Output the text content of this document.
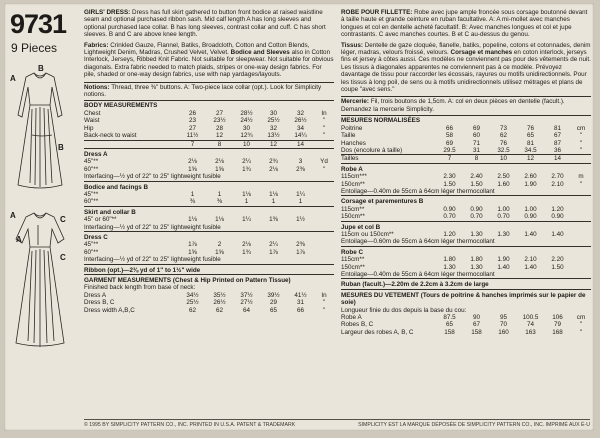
9731
9 Pieces
A
B
B
A	C
A
C
GIRLS' DRESS: Dress has full skirt gathered to button front bodice at raised waistline seam and optional purchased ribbon sash. Mid calf length A has long sleeves and optional purchased lace collar. B has long sleeves, contrast collar and cuff. C has short sleeves. B and C are above knee length.
Fabrics: Crinkled Gauze, Flannel, Batiks, Broadcloth, Cotton and Cotton Blends, Lightweight Denim, Madras, Crushed Velvet, Velvet. Bodice and Sleeves also in Cotton Interlock, Jerseys, Ribbed Knit Fabric. Not suitable for sleepwear. Not suitable for obvious diagonals. Extra fabric needed to match plaids, stripes or one-way design fabrics. For pile, shaded or one-way design fabrics, use with nap yardages/layouts.
Notions: Thread, three ⅜" buttons. A: Two-piece lace collar (opt.). Look for Simplicity notions.
BODY MEASUREMENTS						
Chest	26	27	28½	30	32	In
Waist	23	23½	24½	25½	26½	"
Hip	27	28	30	32	34	"
Back-neck to waist	11½	12	12¾	13½	14¼	"
	7	8	10	12	14	
Dress A						
45"**	2⅛	2⅛	2¼	2¾	3	Yd
60"**	1⅝	1⅝	1¾	2⅛	2⅜	"
Interfacing—½ yd of 22" to 25" lightweight fusible						
Bodice and facings B						
45"**	1	1	1⅛	1⅛	1¼	
60"**	⅜	⅜	1	1	1	
Skirt and collar B						
45" or 60"**	1⅛	1⅛	1¼	1⅜	1½	
Interfacing—½ yd of 22" to 25" lightweight fusible						
Dress C						
45"**	1⅞	2	2⅛	2¼	2⅜	
60"**	1⅝	1⅝	1¾	1⅞	1⅞	
Interfacing—½ yd of 22" to 25" lightweight fusible						
Ribbon (opt.)—2⅜ yd of 1" to 1½" wide						
GARMENT MEASUREMENTS (Chest & Hip Printed on Pattern Tissue)						
Finished back length from base of neck:						
Dress A	34½	35½	37½	39½	41½	In
Dress B, C	25½	26½	27½	29	31	"
Dress width A,B,C	62	62	64	65	66	"
ROBE POUR FILLETTE: Robe avec jupe ample froncée sous corsage boutonné devant à taille haute et grande ceinture en ruban facultative. A: A mi-mollet avec manches longues et col en dentelle acheté facultatif. B: Avec manches longues et col et jupe contrastants. C avec manches courtes. B et C au-dessus du genou.
Tissus: Dentelle de gaze cloquée, flanelle, batiks, popeline, cotons et cotonnades, denim léger, madras, velours froissé, velours. Corsage et manches en coton interlock, jerseys fins et jersey à côtes aussi. Ces modèles ne conviennent pas pour des vêtements de nuit. Les tissus à diagonales apparentes ne conviennent pas à ce modèle. Prévoyez davantage de tissu pour raccorder les écossais, rayures ou motifs unidirectionnels. Pour les tissus à long poil, de sens ou à motifs unidirectionnels utilisez métrages et plans de coupe "avec sens."
Mercerie: Fil, trois boutons de 1,5cm. A: col en deux pièces en dentelle (facult.). Demandez la mercerie Simplicity.
MESURES NORMALISÉES						
Poitrine	66	69	73	76	81	cm
Taille	58	60	62	65	67	"
Hanches	69	71	76	81	87	"
Dos (encolure à taille)	29.5	31	32.5	34.5	36	"
Tailles	7	8	10	12	14	
Robe A						
115cm***	2.30	2.40	2.50	2.60	2.70	m
150cm**	1.50	1.50	1.60	1.90	2.10	"
Entoilage—0.40m de 55cm à 64cm léger thermocollant						
Corsage et parementures B						
115cm**	0.90	0.90	1.00	1.00	1.20	
150cm**	0.70	0.70	0.70	0.90	0.90	
Jupe et col B						
115cm ou 150cm**	1.20	1.30	1.30	1.40	1.40	
Entoilage—0.60m de 55cm à 64cm léger thermocollant						
Robe C						
115cm**	1.80	1.80	1.90	2.10	2.20	
150cm**	1.30	1.30	1.40	1.40	1.50	
Entoilage—0.40m de 55cm à 64cm léger thermocollant						
Ruban (facult.)—2.20m de 2.2cm à 3.2cm de large						
MESURES DU VETEMENT (Tours de poitrine & hanches imprimés sur le papier de soie)						
Longueur finie du dos depuis la base du cou:						
Robe A	87.5	90	95	100.5	106	cm
Robes B, C	65	67	70	74	79	"
Largeur des robes A, B, C	158	158	160	163	168	"
© 1995 BY SIMPLICITY PATTERN CO., INC. PRINTED IN U.S.A. PATENT & TRADEMARK	SIMPLICITY EST LA MARQUE DÉPOSÉE DE SIMPLICITY PATTERN CO., INC. IMPRIMÉ AUX É-U
